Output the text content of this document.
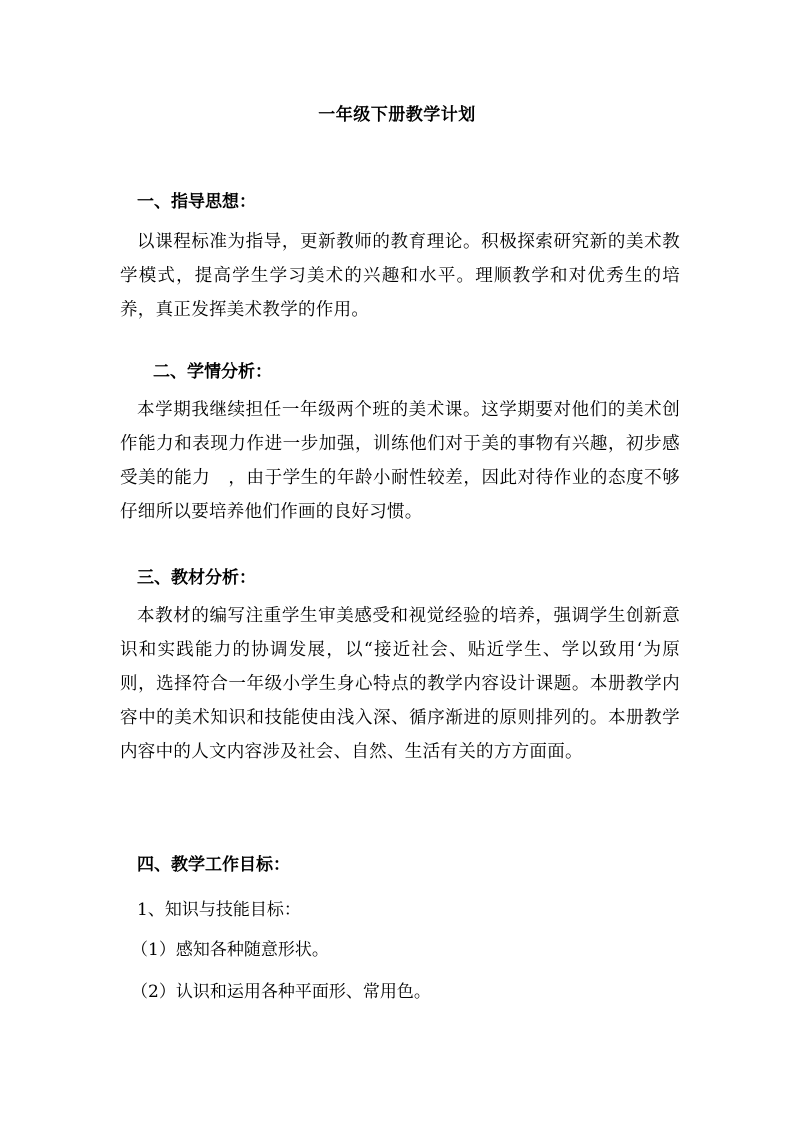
一年级下册教学计划
一、指导思想：
以课程标准为指导，更新教师的教育理论。积极探索研究新的美术教学模式，提高学生学习美术的兴趣和水平。理顺教学和对优秀生的培养，真正发挥美术教学的作用。
二、学情分析：
本学期我继续担任一年级两个班的美术课。这学期要对他们的美术创作能力和表现力作进一步加强，训练他们对于美的事物有兴趣，初步感受美的能力　，由于学生的年龄小耐性较差，因此对待作业的态度不够仔细所以要培养他们作画的良好习惯。
三、教材分析：
本教材的编写注重学生审美感受和视觉经验的培养，强调学生创新意识和实践能力的协调发展，以“接近社会、贴近学生、学以致用‘为原则，选择符合一年级小学生身心特点的教学内容设计课题。本册教学内容中的美术知识和技能使由浅入深、循序渐进的原则排列的。本册教学内容中的人文内容涉及社会、自然、生活有关的方方面面。
四、教学工作目标：
1、知识与技能目标：
（1）感知各种随意形状。
（2）认识和运用各种平面形、常用色。
